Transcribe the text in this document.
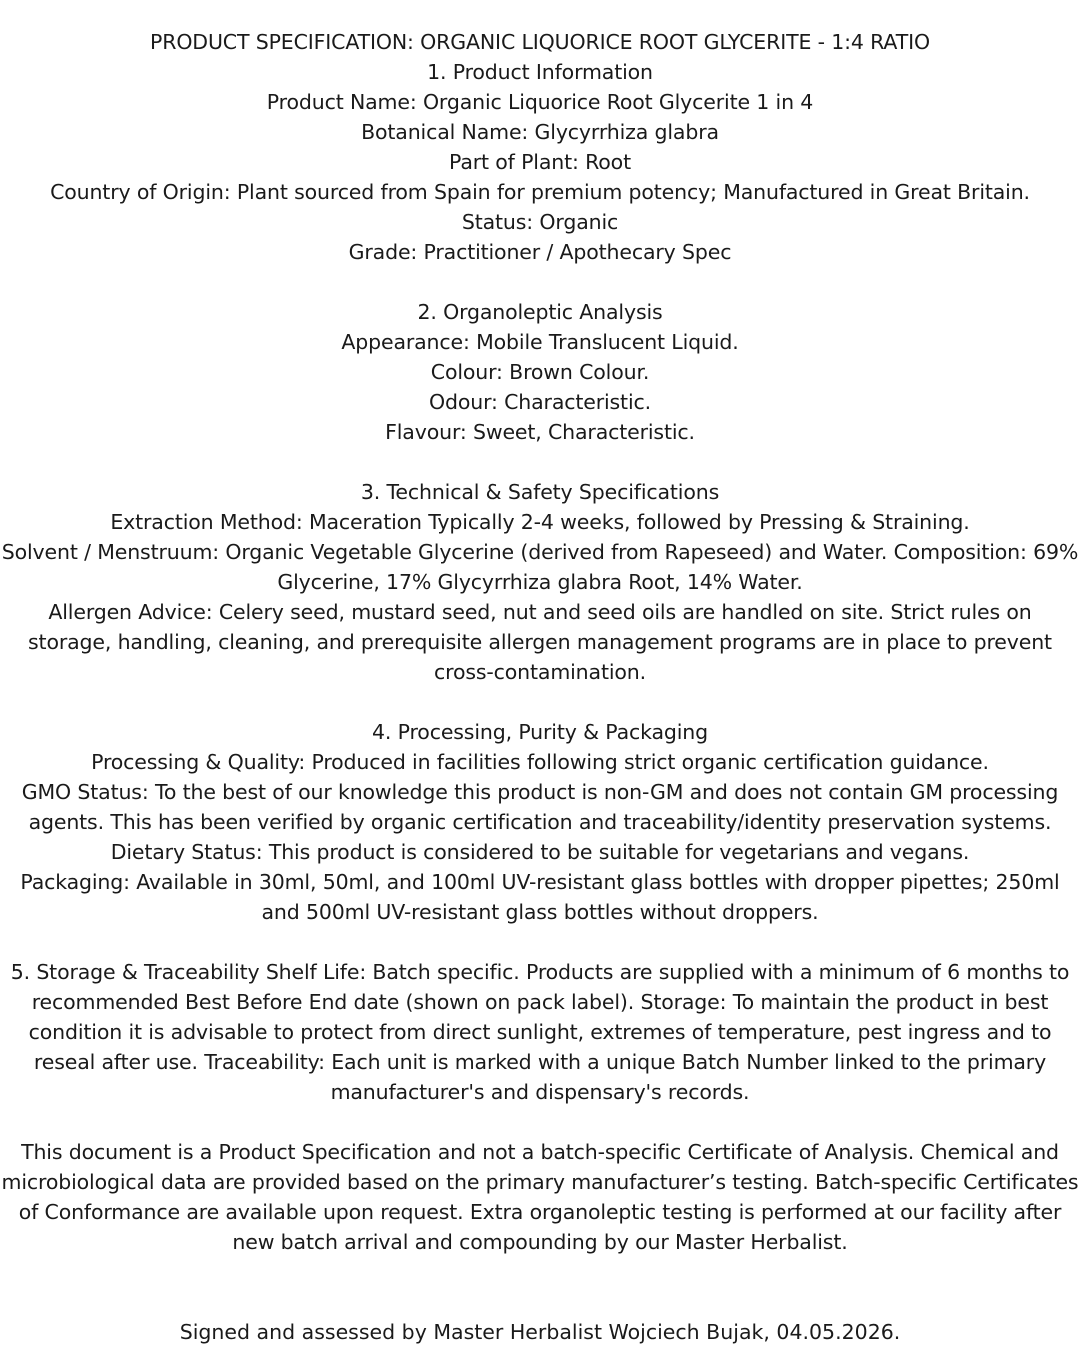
PRODUCT SPECIFICATION: ORGANIC LIQUORICE ROOT GLYCERITE - 1:4 RATIO
1. Product Information
Product Name: Organic Liquorice Root Glycerite 1 in 4
Botanical Name: Glycyrrhiza glabra
Part of Plant: Root
Country of Origin: Plant sourced from Spain for premium potency; Manufactured in Great Britain.
Status: Organic
Grade: Practitioner / Apothecary Spec
2. Organoleptic Analysis
Appearance: Mobile Translucent Liquid.
Colour: Brown Colour.
Odour: Characteristic.
Flavour: Sweet, Characteristic.
3. Technical & Safety Specifications
Extraction Method: Maceration Typically 2-4 weeks, followed by Pressing & Straining.
Solvent / Menstruum: Organic Vegetable Glycerine (derived from Rapeseed) and Water. Composition: 69% Glycerine, 17% Glycyrrhiza glabra Root, 14% Water.
Allergen Advice: Celery seed, mustard seed, nut and seed oils are handled on site. Strict rules on storage, handling, cleaning, and prerequisite allergen management programs are in place to prevent cross-contamination.
4. Processing, Purity & Packaging
Processing & Quality: Produced in facilities following strict organic certification guidance.
GMO Status: To the best of our knowledge this product is non-GM and does not contain GM processing agents. This has been verified by organic certification and traceability/identity preservation systems.
Dietary Status: This product is considered to be suitable for vegetarians and vegans.
Packaging: Available in 30ml, 50ml, and 100ml UV-resistant glass bottles with dropper pipettes; 250ml and 500ml UV-resistant glass bottles without droppers.
5. Storage & Traceability Shelf Life: Batch specific. Products are supplied with a minimum of 6 months to recommended Best Before End date (shown on pack label). Storage: To maintain the product in best condition it is advisable to protect from direct sunlight, extremes of temperature, pest ingress and to reseal after use. Traceability: Each unit is marked with a unique Batch Number linked to the primary manufacturer's and dispensary's records.
This document is a Product Specification and not a batch-specific Certificate of Analysis. Chemical and microbiological data are provided based on the primary manufacturer’s testing. Batch-specific Certificates of Conformance are available upon request. Extra organoleptic testing is performed at our facility after new batch arrival and compounding by our Master Herbalist.
Signed and assessed by Master Herbalist Wojciech Bujak, 04.05.2026.
